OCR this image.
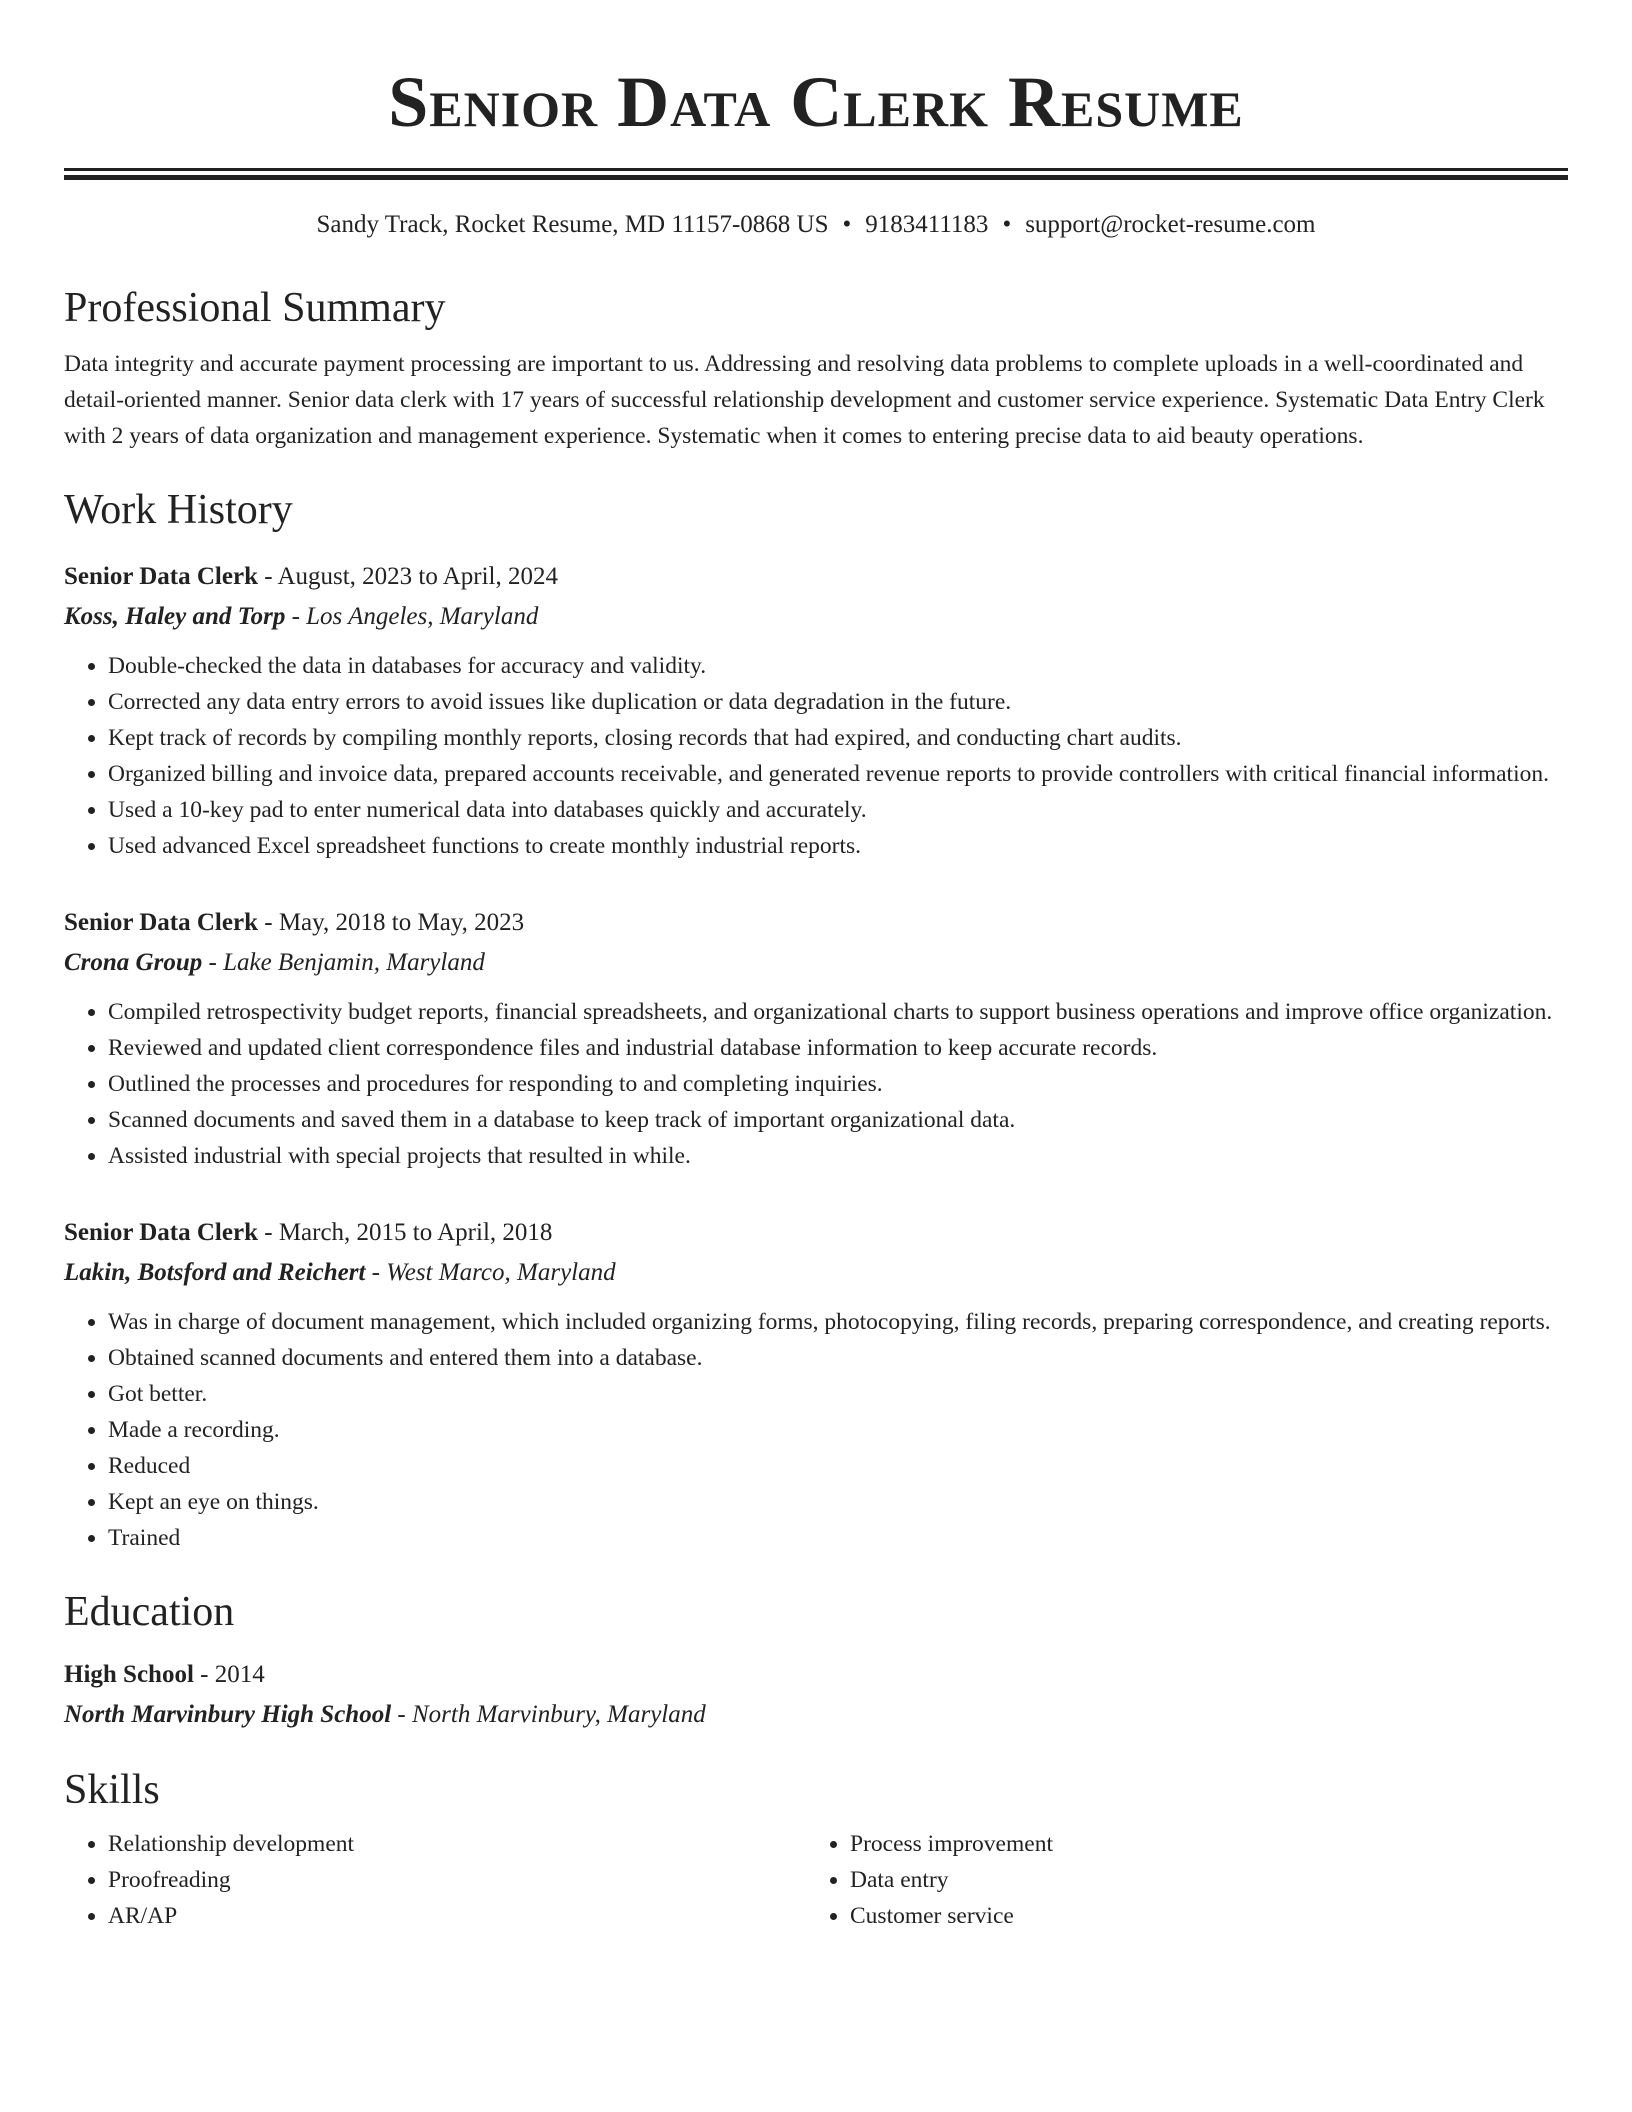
Senior Data Clerk Resume
Sandy Track, Rocket Resume, MD 11157-0868 US • 9183411183 • support@rocket-resume.com
Professional Summary

Data integrity and accurate payment processing are important to us. Addressing and resolving data problems to complete uploads in a well-coordinated and detail-oriented manner. Senior data clerk with 17 years of successful relationship development and customer service experience. Systematic Data Entry Clerk with 2 years of data organization and management experience. Systematic when it comes to entering precise data to aid beauty operations.

Work History
Senior Data Clerk - August, 2023 to April, 2024
Koss, Haley and Torp - Los Angeles, Maryland
• Double-checked the data in databases for accuracy and validity.
• Corrected any data entry errors to avoid issues like duplication or data degradation in the future.
• Kept track of records by compiling monthly reports, closing records that had expired, and conducting chart audits.
• Organized billing and invoice data, prepared accounts receivable, and generated revenue reports to provide controllers with critical financial information.
• Used a 10-key pad to enter numerical data into databases quickly and accurately.
• Used advanced Excel spreadsheet functions to create monthly industrial reports.
Senior Data Clerk - May, 2018 to May, 2023
Crona Group - Lake Benjamin, Maryland
• Compiled retrospectivity budget reports, financial spreadsheets, and organizational charts to support business operations and improve office organization.
• Reviewed and updated client correspondence files and industrial database information to keep accurate records.
• Outlined the processes and procedures for responding to and completing inquiries.
• Scanned documents and saved them in a database to keep track of important organizational data.
• Assisted industrial with special projects that resulted in while.
Senior Data Clerk - March, 2015 to April, 2018
Lakin, Botsford and Reichert - West Marco, Maryland
• Was in charge of document management, which included organizing forms, photocopying, filing records, preparing correspondence, and creating reports.
• Obtained scanned documents and entered them into a database.
• Got better.
• Made a recording.
• Reduced
• Kept an eye on things.
• Trained
Education
High School - 2014
North Marvinbury High School - North Marvinbury, Maryland
Skills
• Relationship development
• Proofreading
• AR/AP
• Process improvement
• Data entry
• Customer service
